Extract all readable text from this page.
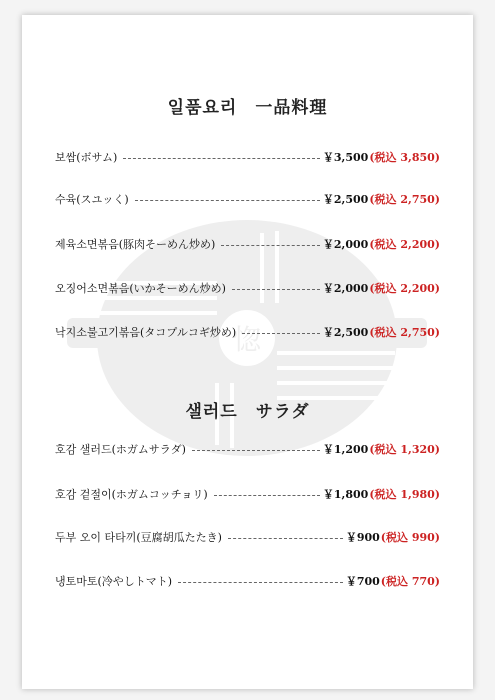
惚
일품요리　一品料理
보쌈(ボサム)	￥3,500 (税込 3,850)
수육(スユッく)	￥2,500 (税込 2,750)
제육소면볶음(豚肉そーめん炒め)	￥2,000 (税込 2,200)
오징어소면볶음(いかそーめん炒め)	￥2,000 (税込 2,200)
낙지소불고기볶음(タコプルコギ炒め)	￥2,500 (税込 2,750)
샐러드　サラダ
호감 샐러드(ホガムサラダ)	￥1,200 (税込 1,320)
호감 겉절이(ホガムコッチョリ)	￥1,800 (税込 1,980)
두부 오이 타타끼(豆腐胡瓜たたき)	￥900 (税込 990)
냉토마토(冷やしトマト)	￥700 (税込 770)
